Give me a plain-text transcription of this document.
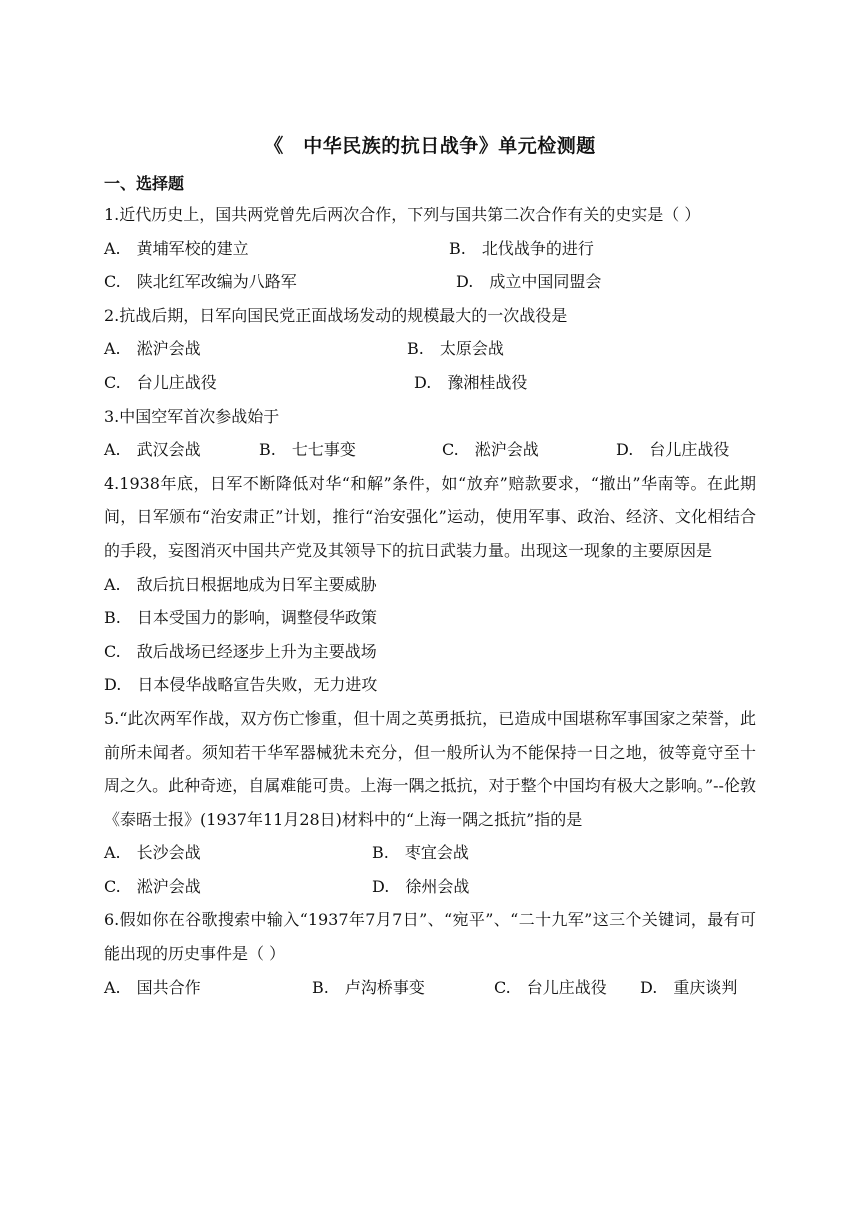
《　中华民族的抗日战争》单元检测题
一、选择题
1.近代历史上，国共两党曾先后两次合作，下列与国共第二次合作有关的史实是（ ）
A.　黄埔军校的建立	B.　北伐战争的进行
C.　陕北红军改编为八路军	D.　成立中国同盟会
2.抗战后期，日军向国民党正面战场发动的规模最大的一次战役是
A.　淞沪会战	B.　太原会战
C.　台儿庄战役	D.　豫湘桂战役
3.中国空军首次参战始于
A.　武汉会战	B.　七七事变	C.　淞沪会战	D.　台儿庄战役
4.1938年底，日军不断降低对华“和解”条件，如“放弃”赔款要求，“撤出”华南等。在此期间，日军颁布“治安肃正”计划，推行“治安强化”运动，使用军事、政治、经济、文化相结合的手段，妄图消灭中国共产党及其领导下的抗日武装力量。出现这一现象的主要原因是
A.　敌后抗日根据地成为日军主要威胁
B.　日本受国力的影响，调整侵华政策
C.　敌后战场已经逐步上升为主要战场
D.　日本侵华战略宣告失败，无力进攻
5.“此次两军作战，双方伤亡惨重，但十周之英勇抵抗，已造成中国堪称军事国家之荣誉，此前所未闻者。须知若干华军器械犹未充分，但一般所认为不能保持一日之地，彼等竟守至十周之久。此种奇迹，自属难能可贵。上海一隅之抵抗，对于整个中国均有极大之影响。”--伦敦《泰晤士报》(1937年11月28日)材料中的“上海一隅之抵抗”指的是
A.　长沙会战	B.　枣宜会战
C.　淞沪会战	D.　徐州会战
6.假如你在谷歌搜索中输入“1937年7月7日”、“宛平”、“二十九军”这三个关键词，最有可能出现的历史事件是（ ）
A.　国共合作	B.　卢沟桥事变	C.　台儿庄战役 D.　重庆谈判
